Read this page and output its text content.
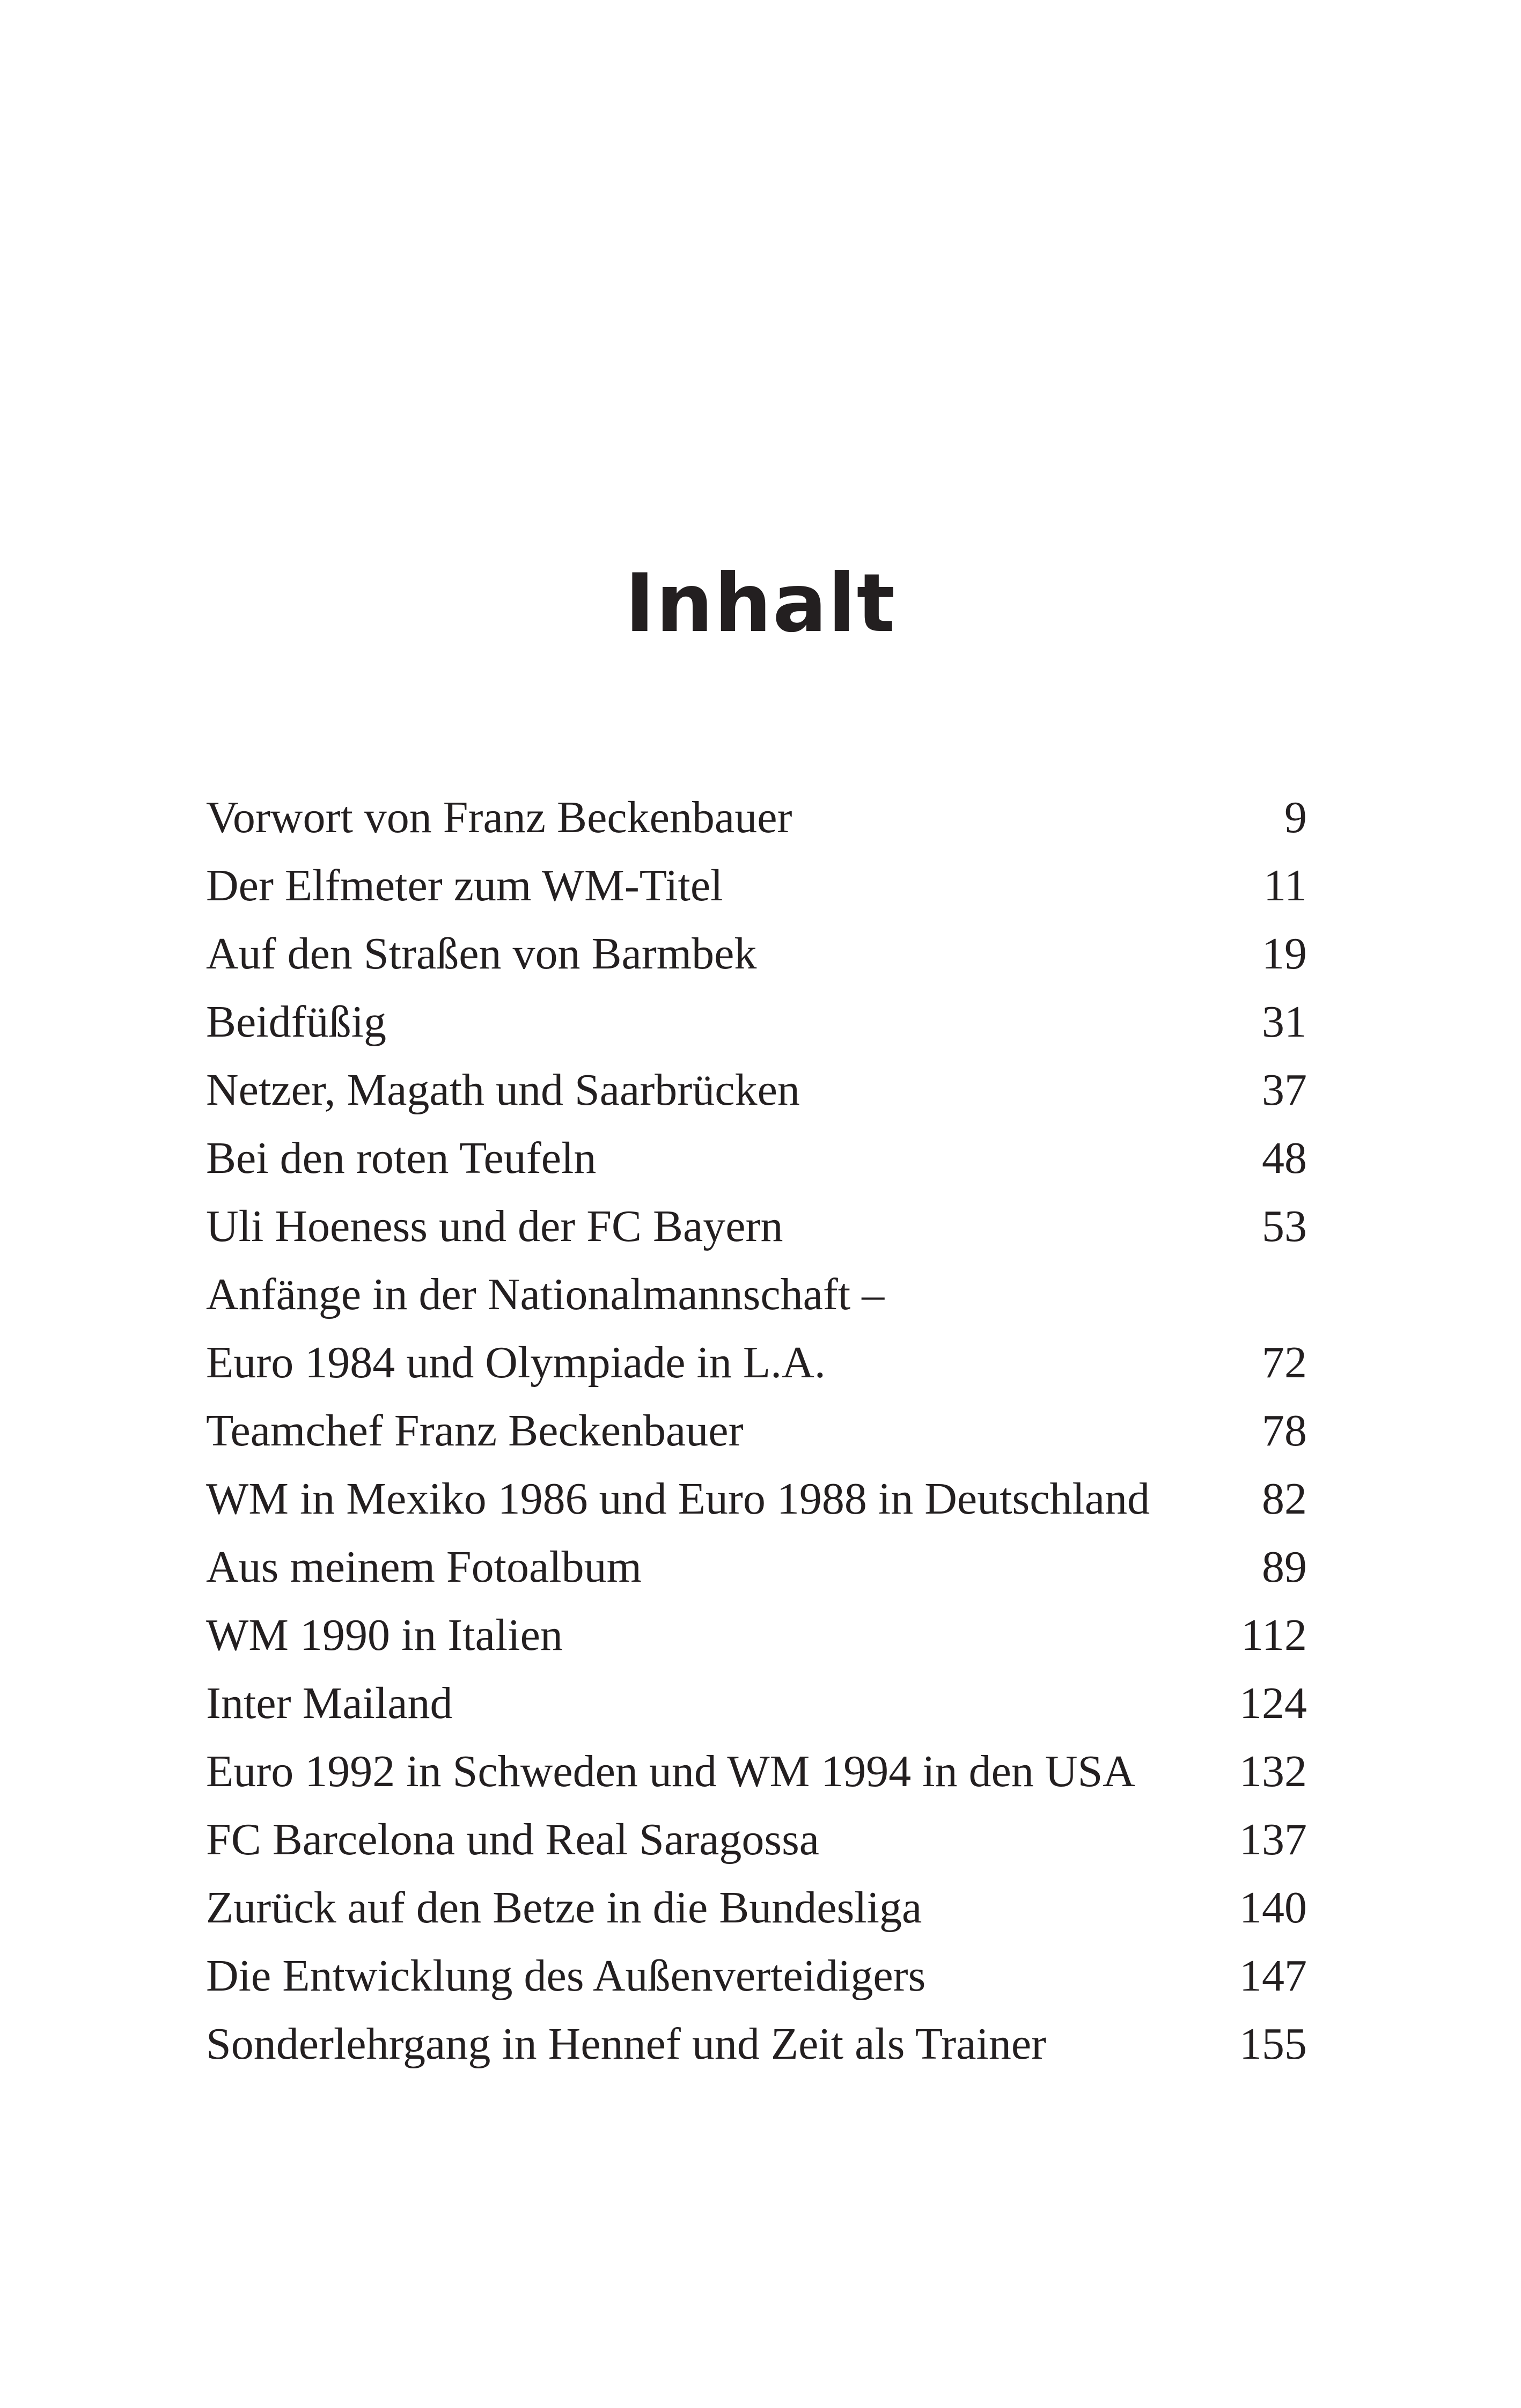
Inhalt
Vorwort von Franz Beckenbauer	9
Der Elfmeter zum WM-Titel	11
Auf den Straßen von Barmbek	19
Beidfüßig	31
Netzer, Magath und Saarbrücken	37
Bei den roten Teufeln	48
Uli Hoeness und der FC Bayern	53
Anfänge in der Nationalmannschaft –
Euro 1984 und Olympiade in L.A.	72
Teamchef Franz Beckenbauer	78
WM in Mexiko 1986 und Euro 1988 in Deutschland	82
Aus meinem Fotoalbum	89
WM 1990 in Italien	112
Inter Mailand	124
Euro 1992 in Schweden und WM 1994 in den USA	132
FC Barcelona und Real Saragossa	137
Zurück auf den Betze in die Bundesliga	140
Die Entwicklung des Außenverteidigers	147
Sonderlehrgang in Hennef und Zeit als Trainer	155
